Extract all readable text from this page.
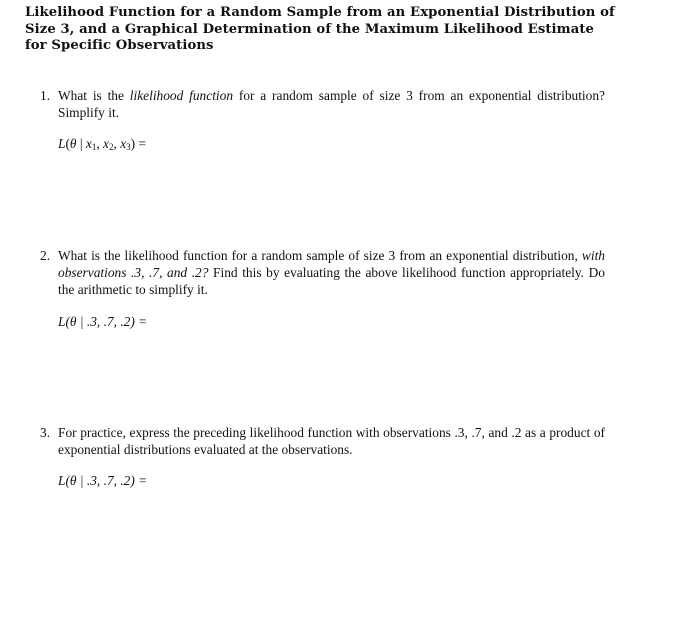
Likelihood Function for a Random Sample from an Exponential Distribution of Size 3, and a Graphical Determination of the Maximum Likelihood Estimate for Specific Observations
1. What is the likelihood function for a random sample of size 3 from an exponential distribution? Simplify it.
L(θ | $x_1$, $x_2$, $x_3$) =
2. What is the likelihood function for a random sample of size 3 from an exponential distribution, with observations .3, .7, and .2? Find this by evaluating the above likelihood function appropriately. Do the arithmetic to simplify it.
L(θ | .3, .7, .2) =
3. For practice, express the preceding likelihood function with observations .3, .7, and .2 as a product of exponential distributions evaluated at the observations.
L(θ | .3, .7, .2) =
